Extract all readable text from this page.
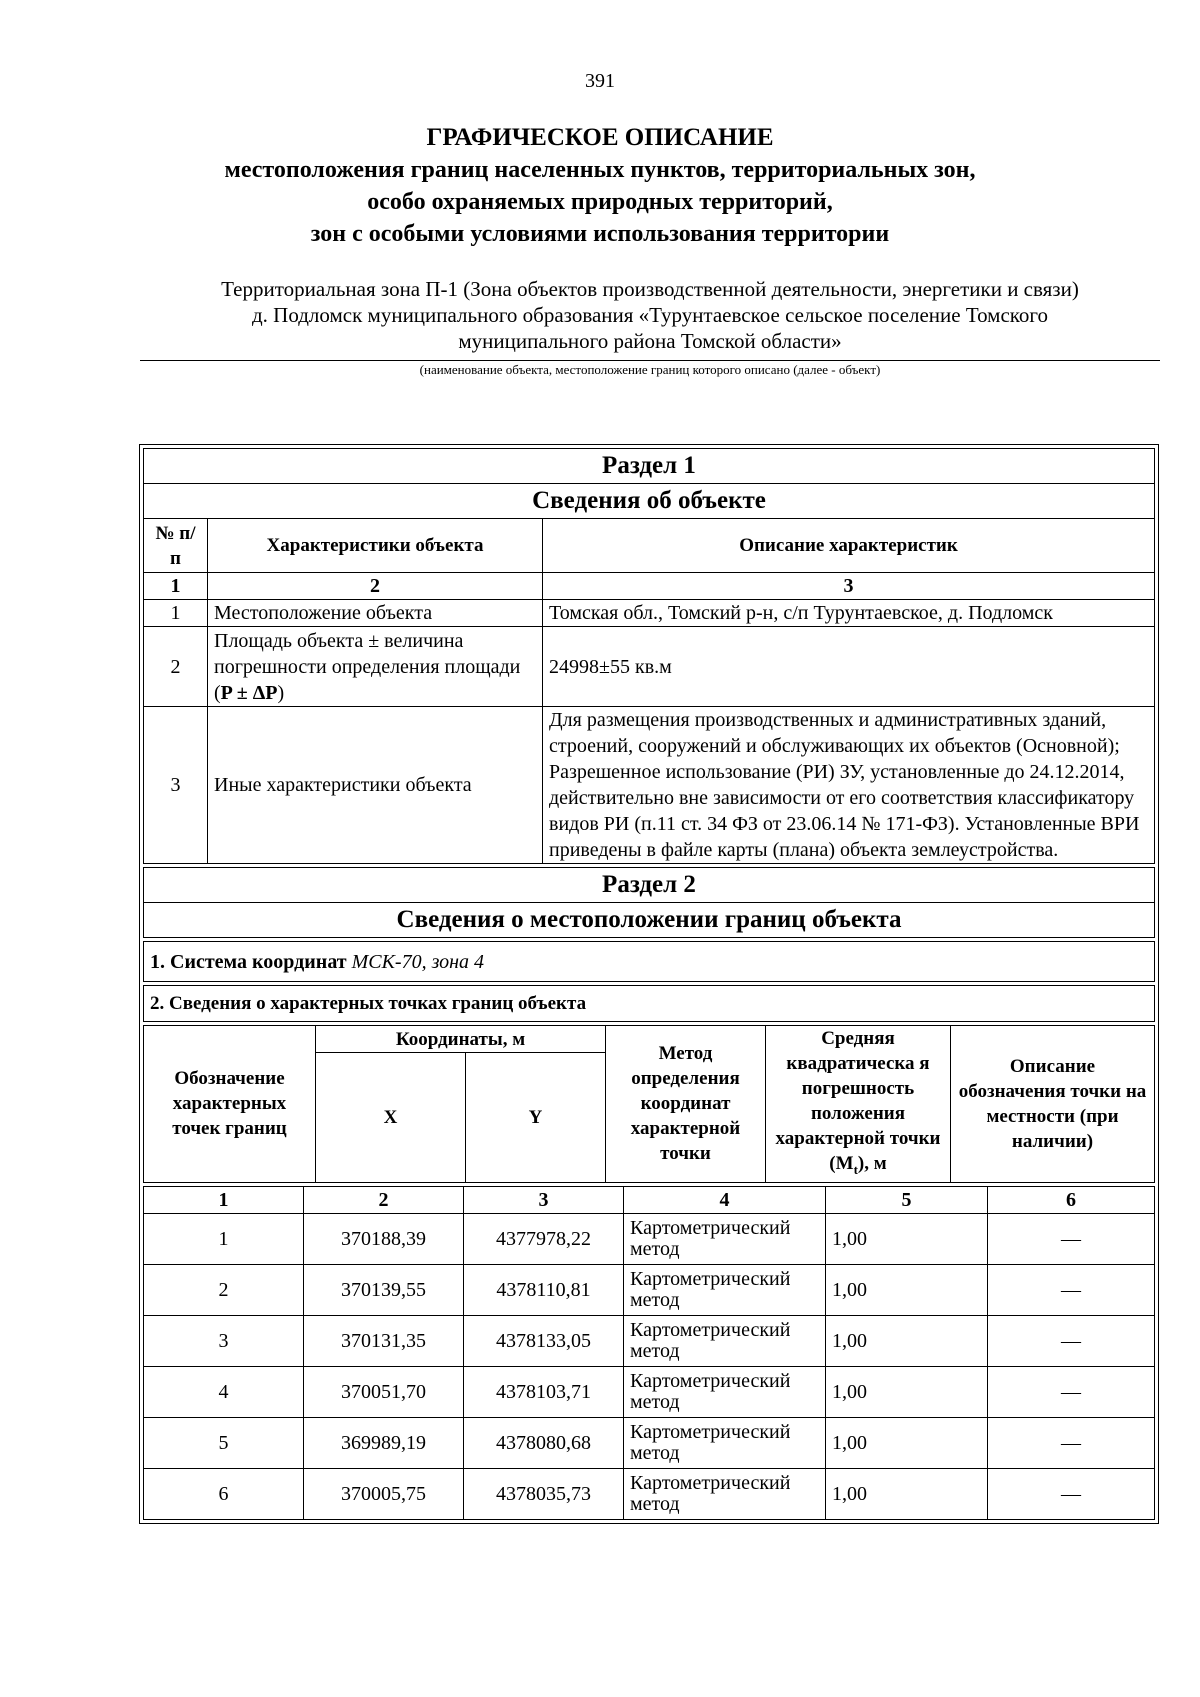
391
ГРАФИЧЕСКОЕ ОПИСАНИЕ
местоположения границ населенных пунктов, территориальных зон,
особо охраняемых природных территорий,
зон с особыми условиями использования территории
Территориальная зона П-1 (Зона объектов производственной деятельности, энергетики и связи)
д. Подломск муниципального образования «Турунтаевское сельское поселение Томского
муниципального района Томской области»
(наименование объекта, местоположение границ которого описано (далее - объект)
Раздел 1		
Сведения об объекте		
№ п/п	Характеристики объекта	Описание характеристик
1	2	3
1	Местоположение объекта	Томская обл., Томский р-н, с/п Турунтаевское, д. Подломск
2	Площадь объекта ± величина погрешности определения площади (P ± ΔP)	24998±55 кв.м
3	Иные характеристики объекта	Для размещения производственных и административных зданий, строений, сооружений и обслуживающих их объектов (Основной); Разрешенное использование (РИ) ЗУ, установленные до 24.12.2014, действительно вне зависимости от его соответствия классификатору видов РИ (п.11 ст. 34 ФЗ от 23.06.14 № 171-ФЗ). Установленные ВРИ приведены в файле карты (плана) объекта землеустройства.
Раздел 2
Сведения о местоположении границ объекта
1. Система координат МСК-70, зона 4
2. Сведения о характерных точках границ объекта
Обозначение характерных точек границ	Координаты, м		Метод определения координат характерной точки	Средняя квадратическа я погрешность положения характерной точки $(M_t)$, м	Описание обозначения точки на местности (при наличии)
	X	Y			
1	2	3	4	5	6
1	370188,39	4377978,22	Картометрический метод	1,00	—
2	370139,55	4378110,81	Картометрический метод	1,00	—
3	370131,35	4378133,05	Картометрический метод	1,00	—
4	370051,70	4378103,71	Картометрический метод	1,00	—
5	369989,19	4378080,68	Картометрический метод	1,00	—
6	370005,75	4378035,73	Картометрический метод	1,00	—
